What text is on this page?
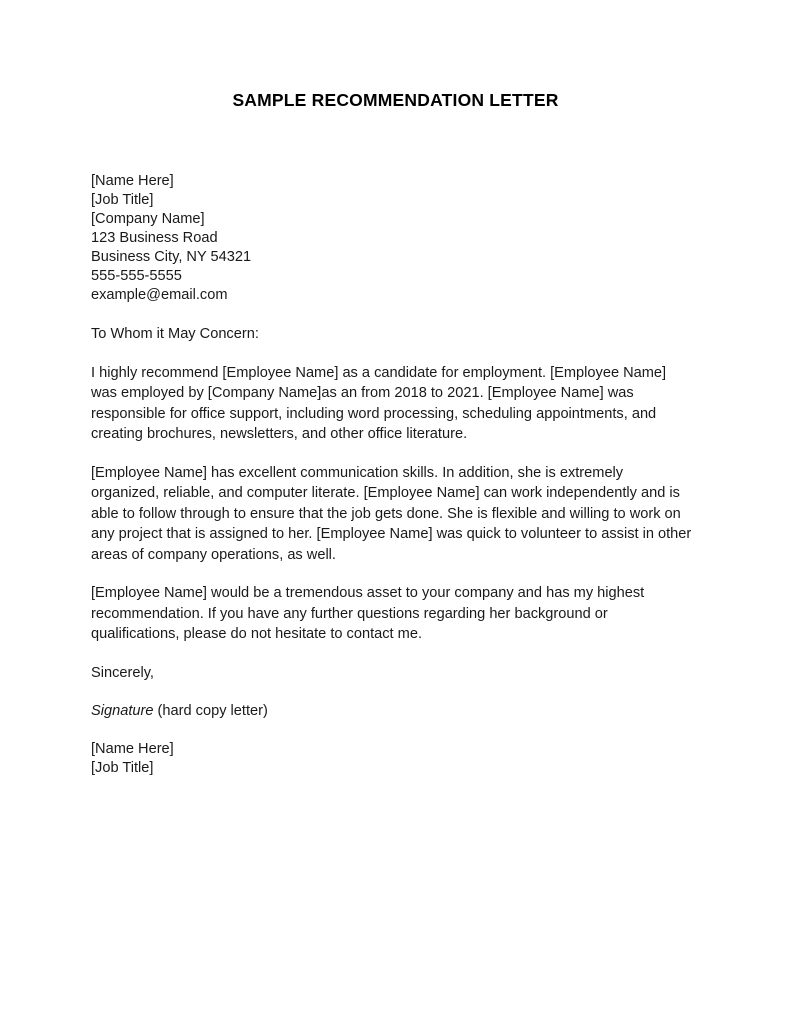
SAMPLE RECOMMENDATION LETTER
[Name Here]
[Job Title]
[Company Name]
123 Business Road
Business City, NY 54321
555-555-5555
example@email.com
To Whom it May Concern:
I highly recommend [Employee Name] as a candidate for employment. [Employee Name] was employed by [Company Name]as an from 2018 to 2021. [Employee Name] was responsible for office support, including word processing, scheduling appointments, and creating brochures, newsletters, and other office literature.
[Employee Name] has excellent communication skills. In addition, she is extremely organized, reliable, and computer literate. [Employee Name] can work independently and is able to follow through to ensure that the job gets done. She is flexible and willing to work on any project that is assigned to her. [Employee Name] was quick to volunteer to assist in other areas of company operations, as well.
[Employee Name] would be a tremendous asset to your company and has my highest recommendation. If you have any further questions regarding her background or qualifications, please do not hesitate to contact me.
Sincerely,
Signature (hard copy letter)
[Name Here]
[Job Title]
